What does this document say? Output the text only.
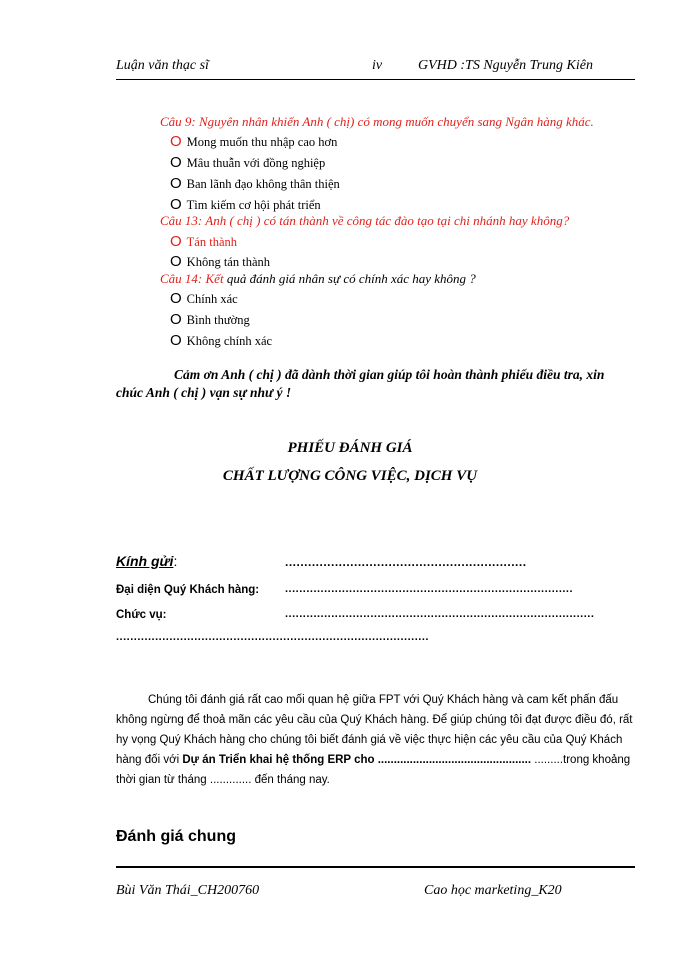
Luận văn thạc sĩ	iv	GVHD :TS Nguyễn Trung Kiên
Câu 9: Nguyên nhân khiến Anh ( chị) có mong muốn chuyển sang Ngân hàng khác.
O Mong muốn thu nhập cao hơn
O Mâu thuẫn với đồng nghiệp
O Ban lãnh đạo không thân thiện
O Tìm kiếm cơ hội phát triển
Câu 13: Anh ( chị ) có tán thành về công tác đào tạo tại chi nhánh hay không?
O Tán thành
O Không tán thành
Câu 14: Kết quả đánh giá nhân sự có chính xác hay không ?
O Chính xác
O Bình thường
O Không chính xác
Cảm ơn Anh ( chị ) đã dành thời gian giúp tôi hoàn thành phiếu điều tra, xin
chúc Anh ( chị ) vạn sự như ý !
PHIẾU ĐÁNH GIÁ
CHẤT LƯỢNG CÔNG VIỆC, DỊCH VỤ
Kính gửi:	...............................................................
Đại diện Quý Khách hàng: .................................................................................
Chức vụ:	.......................................................................................
........................................................................................

Chúng tôi đánh giá rất cao mối quan hệ giữa FPT với Quý Khách hàng và cam kết phấn đấu không ngừng để thoả mãn các yêu cầu của Quý Khách hàng. Để giúp chúng tôi đạt được điều đó, rất hy vọng Quý Khách hàng cho chúng tôi biết đánh giá về việc thực hiện các yêu cầu của Quý Khách hàng đối với Dự án Triển khai hệ thống ERP cho ................................................ .........trong khoảng thời gian từ tháng ............. đến tháng nay.

Đánh giá chung
Bùi Văn Thái_CH200760	Cao học marketing_K20
